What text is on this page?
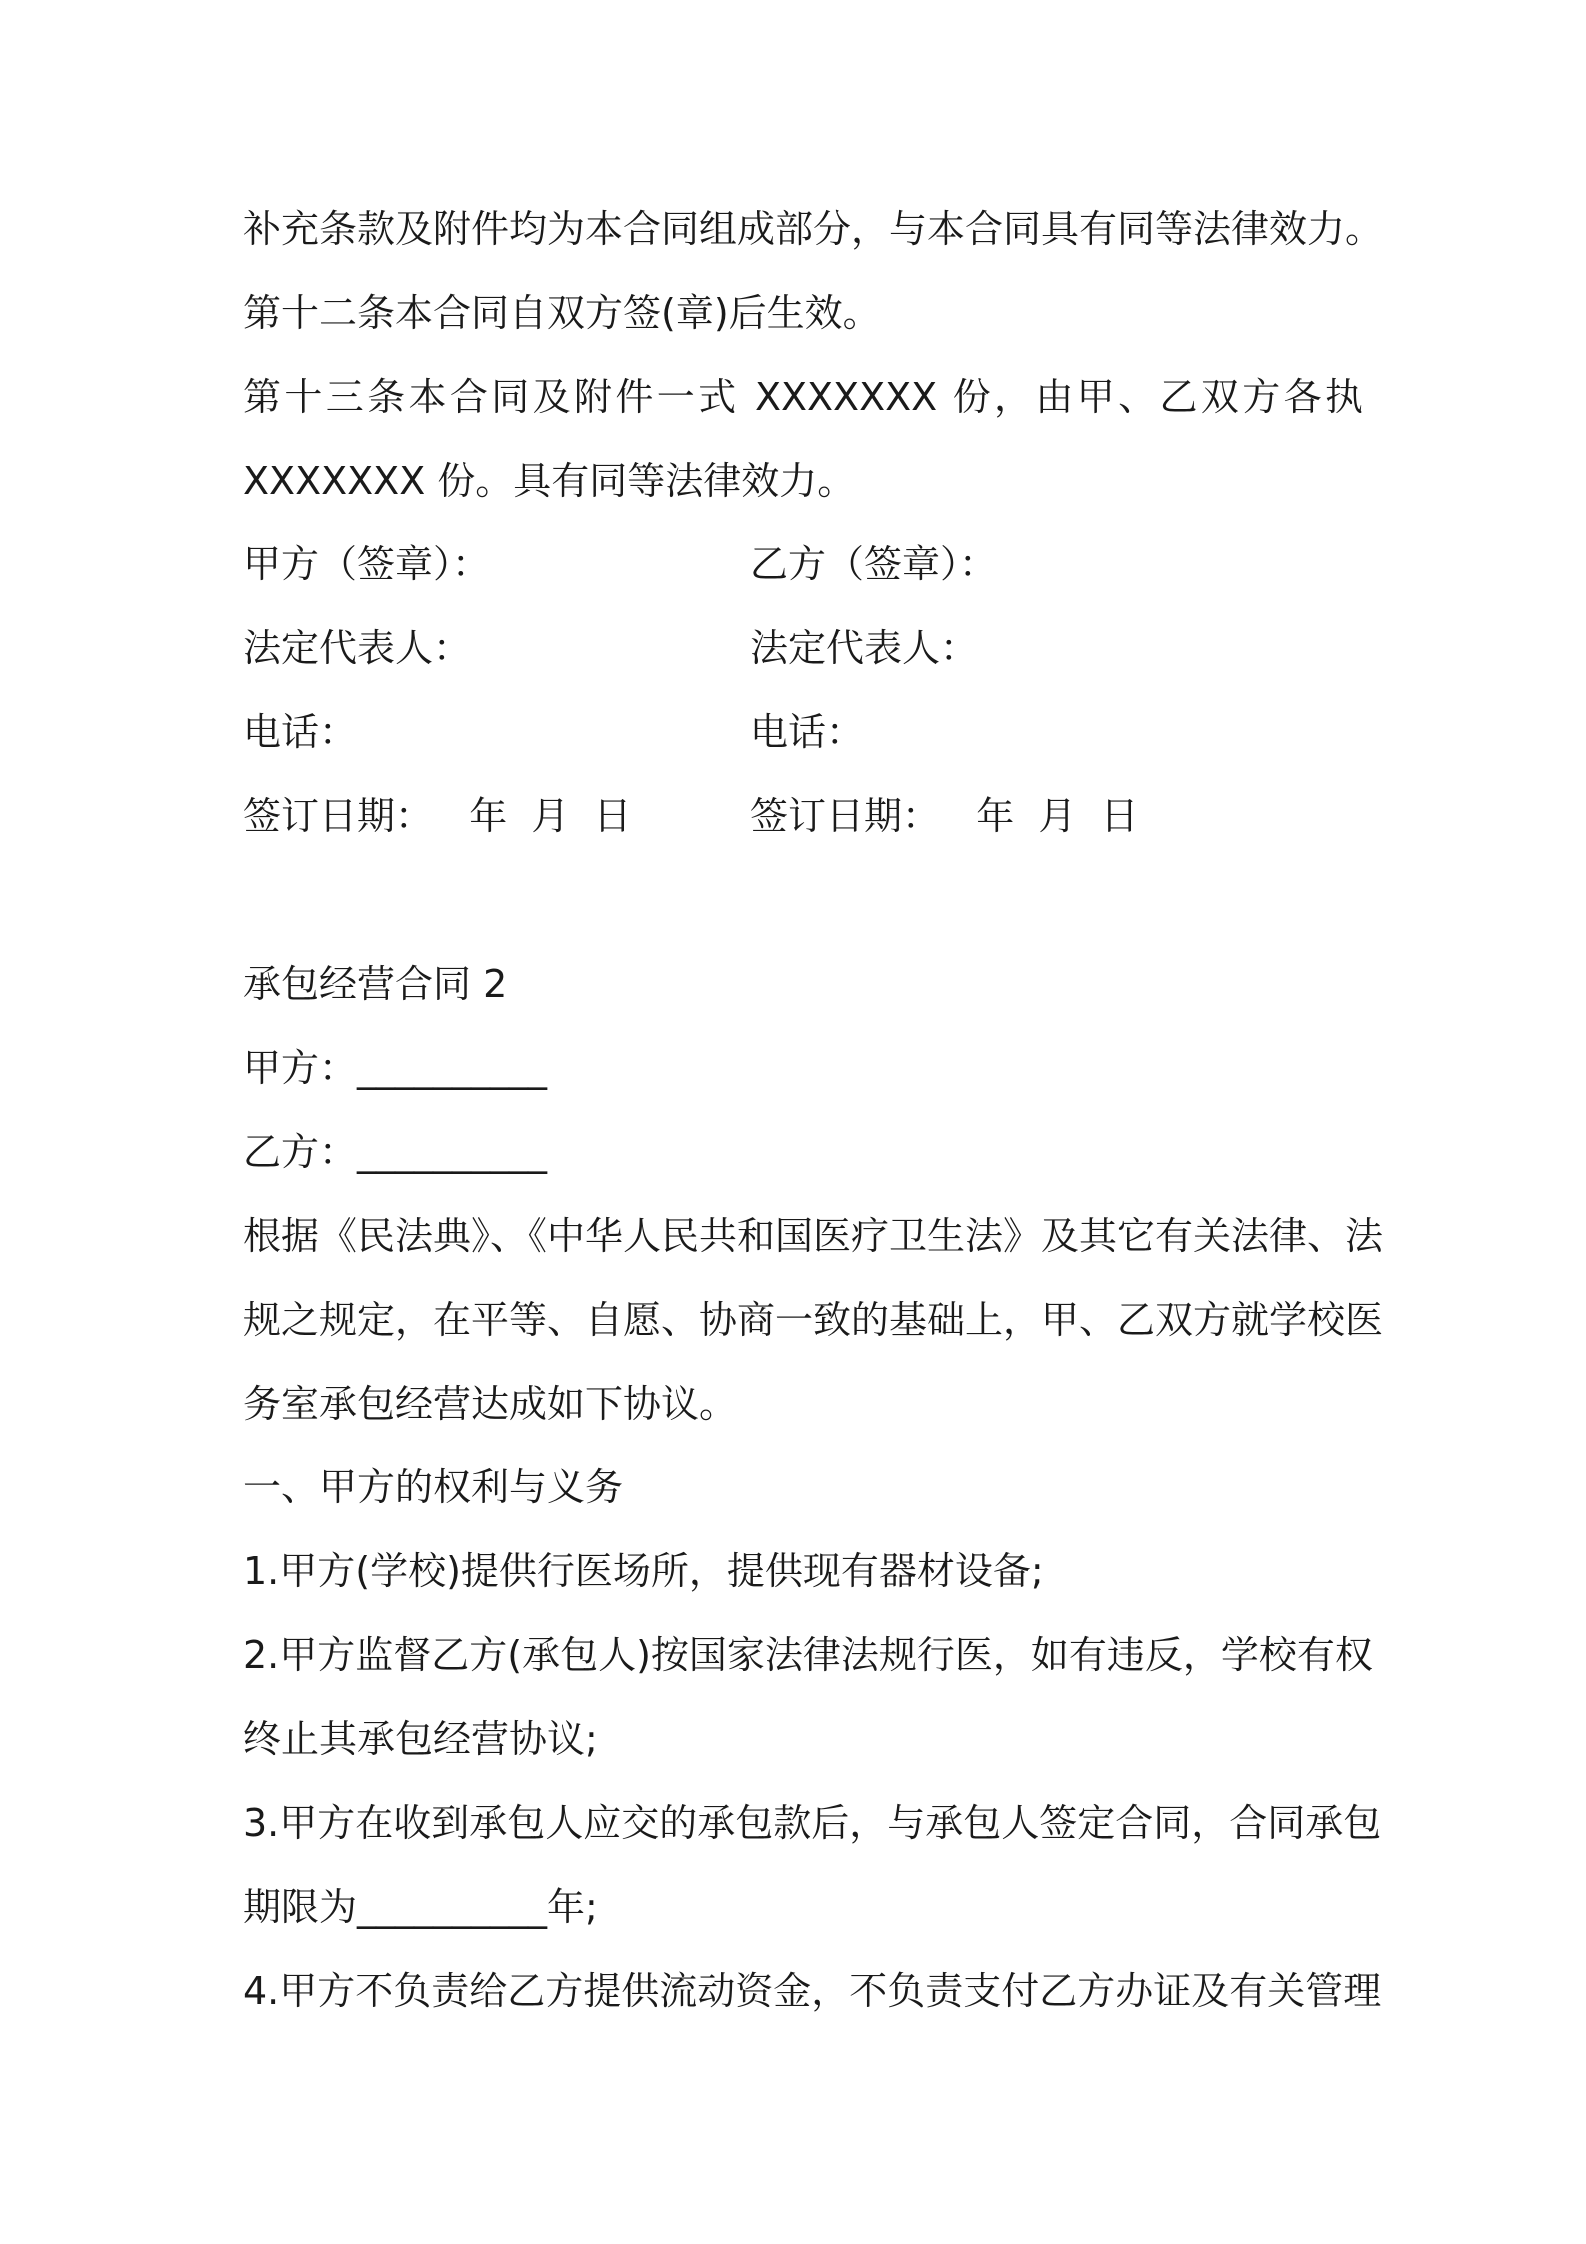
补充条款及附件均为本合同组成部分，与本合同具有同等法律效力。
第十二条本合同自双方签(章)后生效。
第十三条本合同及附件一式 XXXXXXX 份，由甲、乙双方各执
XXXXXXX 份。具有同等法律效力。
甲方（签章）：	乙方（签章）：
法定代表人：	法定代表人：
电话：	电话：
签订日期：   年  月  日	签订日期：   年  月  日
承包经营合同 2
甲方：__________
乙方：__________
根据《民法典》、《中华人民共和国医疗卫生法》及其它有关法律、法
规之规定，在平等、自愿、协商一致的基础上，甲、乙双方就学校医
务室承包经营达成如下协议。
一、甲方的权利与义务
1.甲方(学校)提供行医场所，提供现有器材设备;
2.甲方监督乙方(承包人)按国家法律法规行医，如有违反，学校有权
终止其承包经营协议;
3.甲方在收到承包人应交的承包款后，与承包人签定合同，合同承包
期限为__________年;
4.甲方不负责给乙方提供流动资金，不负责支付乙方办证及有关管理
